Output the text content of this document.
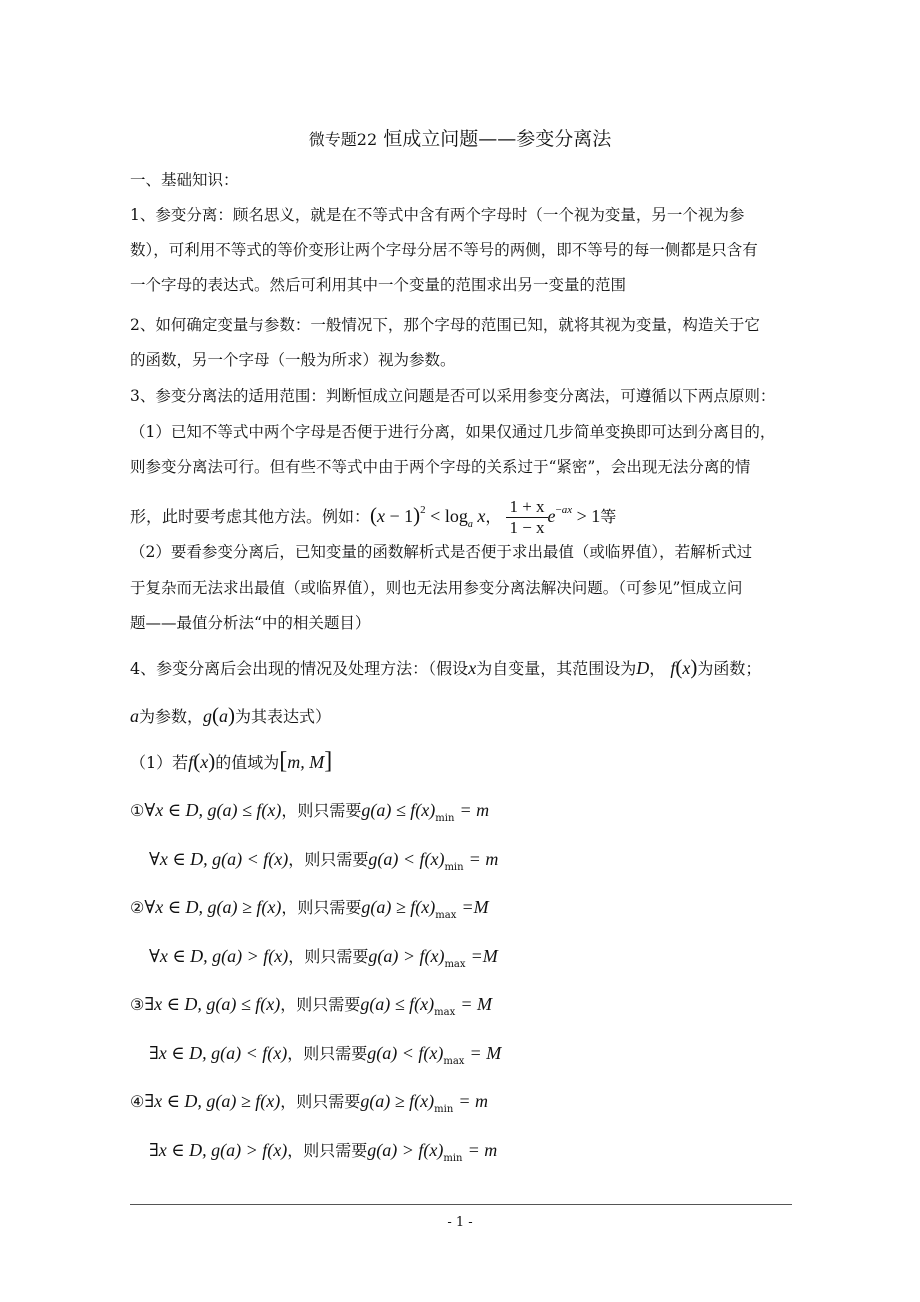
微专题22 恒成立问题——参变分离法
一、基础知识：
1、参变分离：顾名思义，就是在不等式中含有两个字母时（一个视为变量，另一个视为参
数），可利用不等式的等价变形让两个字母分居不等号的两侧，即不等号的每一侧都是只含有
一个字母的表达式。然后可利用其中一个变量的范围求出另一变量的范围
2、如何确定变量与参数：一般情况下，那个字母的范围已知，就将其视为变量，构造关于它
的函数，另一个字母（一般为所求）视为参数。
3、参变分离法的适用范围：判断恒成立问题是否可以采用参变分离法，可遵循以下两点原则：
（1）已知不等式中两个字母是否便于进行分离，如果仅通过几步简单变换即可达到分离目的，
则参变分离法可行。但有些不等式中由于两个字母的关系过于“紧密”，会出现无法分离的情
形，此时要考虑其他方法。例如：$(x - 1)^2 < \log_a x$， $\frac{1 + x}{1 - x} e^{-ax} > 1$等
（2）要看参变分离后，已知变量的函数解析式是否便于求出最值（或临界值），若解析式过
于复杂而无法求出最值（或临界值），则也无法用参变分离法解决问题。（可参见”恒成立问
题——最值分析法“中的相关题目）
4、参变分离后会出现的情况及处理方法：（假设x为自变量，其范围设为D， f(x)为函数；
a为参数，g(a)为其表达式）
（1）若f(x)的值域为[m, M]
①∀x ∈ D, g(a) ≤ f(x)，则只需要$g(a) \le f(x)_{min} = m$
∀x ∈ D, g(a) < f(x)，则只需要$g(a) < f(x)_{min} = m$
②∀x ∈ D, g(a) ≥ f(x)，则只需要$g(a) \ge f(x)_{max} =M$
∀x ∈ D, g(a) > f(x)，则只需要$g(a) > f(x)_{max} =M$
③∃x ∈ D, g(a) ≤ f(x)，则只需要$g(a) \le f(x)_{max} = M$
∃x ∈ D, g(a) < f(x)，则只需要$g(a) < f(x)_{max} = M$
④∃x ∈ D, g(a) ≥ f(x)，则只需要$g(a) \ge f(x)_{min} = m$
∃x ∈ D, g(a) > f(x)，则只需要$g(a) > f(x)_{min} = m$
- 1 -
